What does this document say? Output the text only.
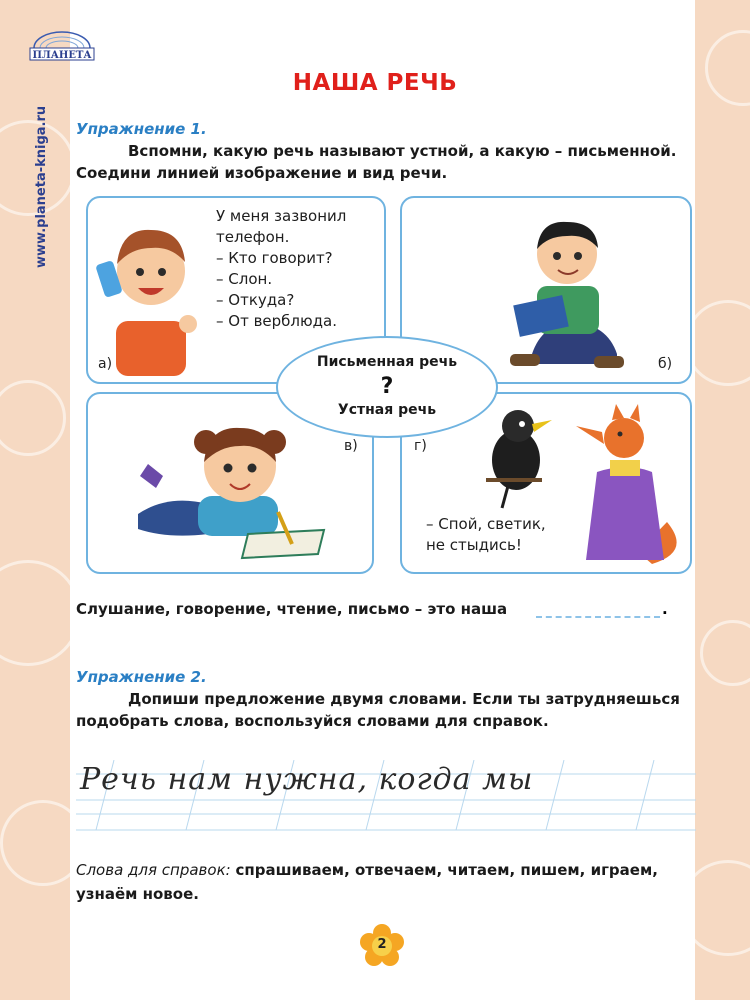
ПЛАНЕТА
www.planeta-kniga.ru
НАША РЕЧЬ
Упражнение 1.
Вспомни, какую речь называют устной, а какую – письменной.
Соедини линией изображение и вид речи.
У меня зазвонил
телефон.
– Кто говорит?
– Слон.
– Откуда?
– От верблюда.
а)	б)
в)	г)
– Спой, светик,
не стыдись!
Письменная речь
?
Устная речь
Слушание, говорение, чтение, письмо – это наша	.
Упражнение 2.
Допиши предложение двумя словами. Если ты затрудняешься
подобрать слова, воспользуйся словами для справок.
Речь нам нужна, когда мы
Слова для справок: спрашиваем, отвечаем, читаем, пишем, играем,
узнаём новое.
2
